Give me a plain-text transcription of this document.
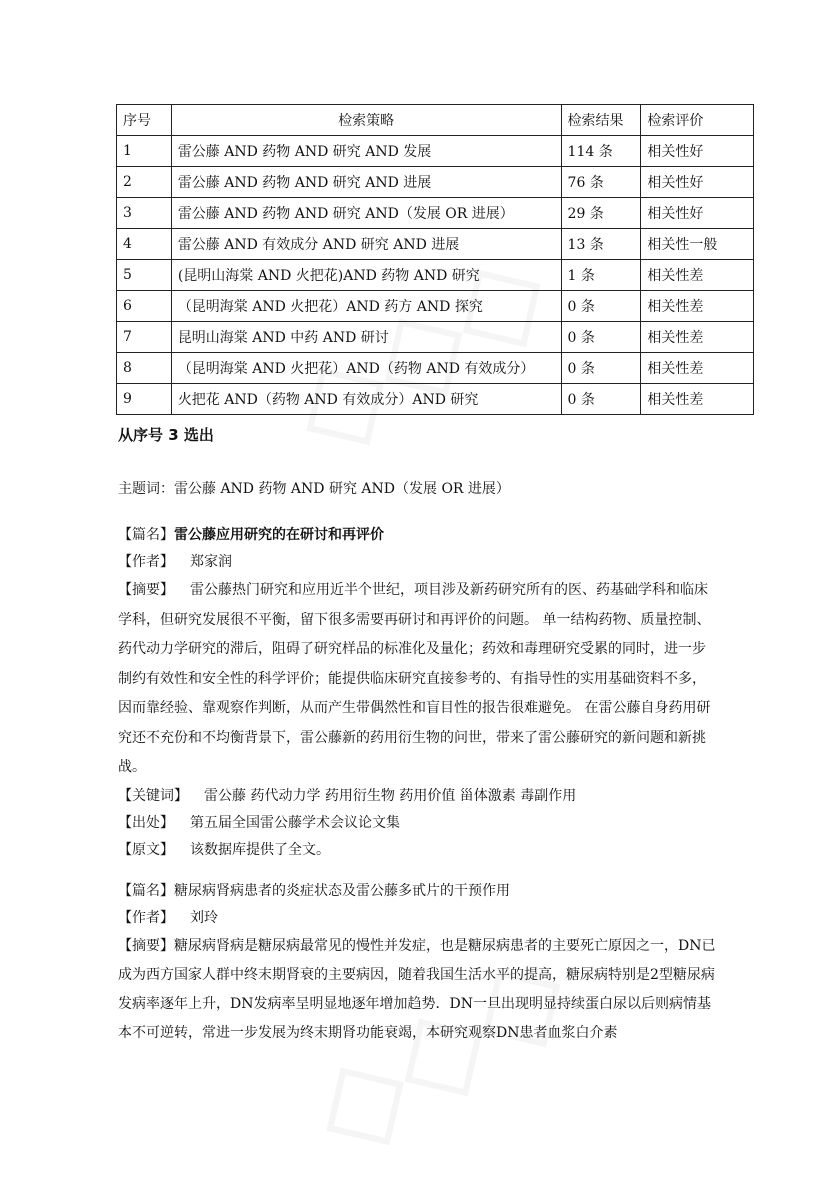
序号	检索策略	检索结果	检索评价
1	雷公藤 AND 药物 AND 研究 AND 发展	114 条	相关性好
2	雷公藤 AND 药物 AND 研究 AND 进展	76 条	相关性好
3	雷公藤 AND 药物 AND 研究 AND（发展 OR 进展）	29 条	相关性好
4	雷公藤 AND 有效成分 AND 研究 AND 进展	13 条	相关性一般
5	(昆明山海棠 AND 火把花)AND 药物 AND 研究	1 条	相关性差
6	（昆明海棠 AND 火把花）AND 药方 AND 探究	0 条	相关性差
7	昆明山海棠 AND 中药 AND 研讨	0 条	相关性差
8	（昆明海棠 AND 火把花）AND（药物 AND 有效成分）	0 条	相关性差
9	火把花 AND（药物 AND 有效成分）AND 研究	0 条	相关性差
从序号 3 选出
主题词：雷公藤 AND 药物 AND 研究 AND（发展 OR 进展）
【篇名】雷公藤应用研究的在研讨和再评价
【作者】 郑家润
【摘要】 雷公藤热门研究和应用近半个世纪，项目涉及新药研究所有的医、药基础学科和临床学科，但研究发展很不平衡，留下很多需要再研讨和再评价的问题。 单一结构药物、质量控制、药代动力学研究的滞后，阻碍了研究样品的标准化及量化；药效和毒理研究受累的同时，进一步制约有效性和安全性的科学评价；能提供临床研究直接参考的、有指导性的实用基础资料不多，因而靠经验、靠观察作判断，从而产生带偶然性和盲目性的报告很难避免。 在雷公藤自身药用研究还不充份和不均衡背景下，雷公藤新的药用衍生物的问世，带来了雷公藤研究的新问题和新挑战。
【关键词】 雷公藤 药代动力学 药用衍生物 药用价值 甾体激素 毒副作用
【出处】 第五届全国雷公藤学术会议论文集
【原文】 该数据库提供了全文。
【篇名】糖尿病肾病患者的炎症状态及雷公藤多甙片的干预作用
【作者】 刘玲
【摘要】糖尿病肾病是糖尿病最常见的慢性并发症，也是糖尿病患者的主要死亡原因之一，DN已成为西方国家人群中终末期肾衰的主要病因，随着我国生活水平的提高，糖尿病特别是2型糖尿病发病率逐年上升，DN发病率呈明显地逐年增加趋势．DN一旦出现明显持续蛋白尿以后则病情基本不可逆转，常进一步发展为终末期肾功能衰竭，本研究观察DN患者血浆白介素
